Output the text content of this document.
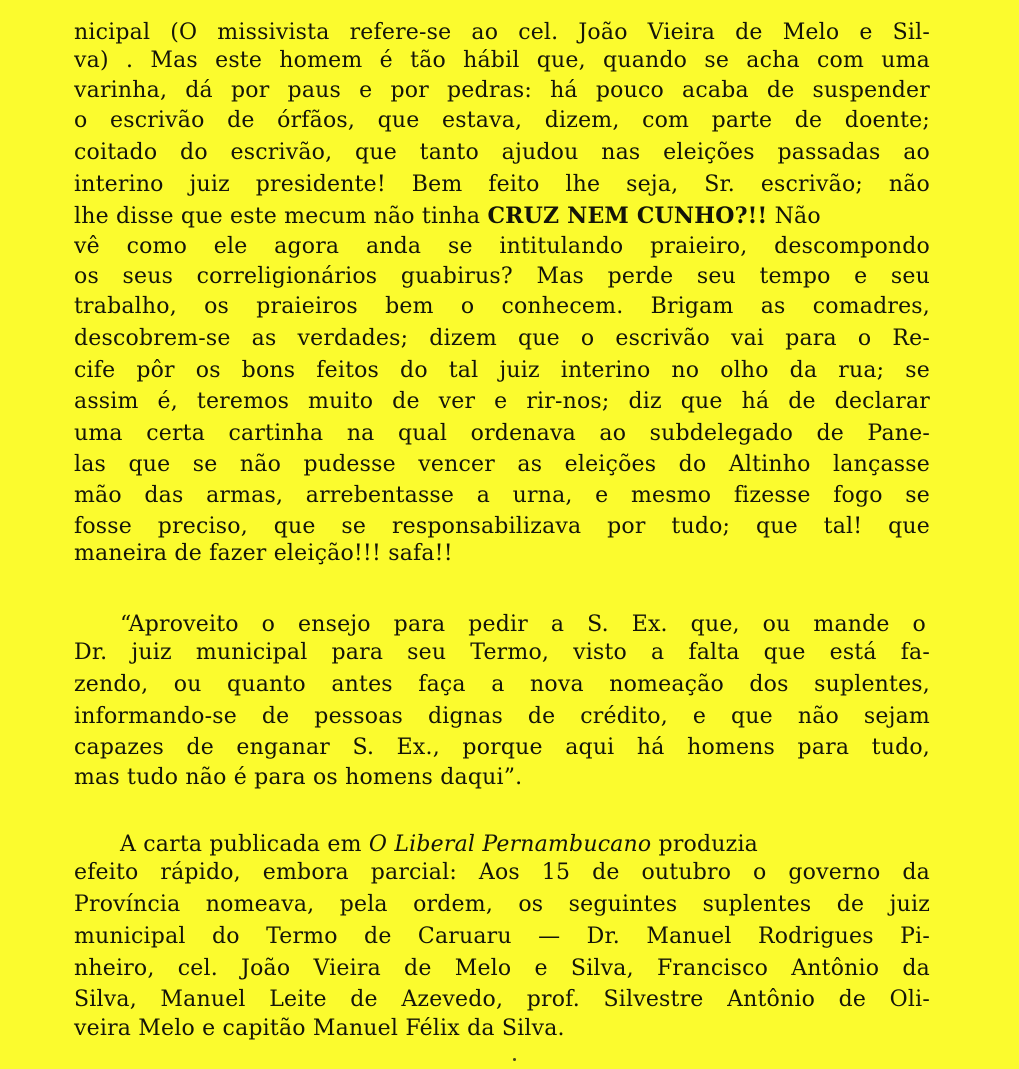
nicipal (O missivista refere-se ao cel. João Vieira de Melo e Sil-
va) . Mas este homem é tão hábil que, quando se acha com uma
varinha, dá por paus e por pedras: há pouco acaba de suspender
o escrivão de órfãos, que estava, dizem, com parte de doente;
coitado do escrivão, que tanto ajudou nas eleições passadas ao
interino juiz presidente! Bem feito lhe seja, Sr. escrivão; não
lhe disse que este mecum não tinha CRUZ NEM CUNHO?!! Não
vê como ele agora anda se intitulando praieiro, descompondo
os seus correligionários guabirus? Mas perde seu tempo e seu
trabalho, os praieiros bem o conhecem. Brigam as comadres,
descobrem-se as verdades; dizem que o escrivão vai para o Re-
cife pôr os bons feitos do tal juiz interino no olho da rua; se
assim é, teremos muito de ver e rir-nos; diz que há de declarar
uma certa cartinha na qual ordenava ao subdelegado de Pane-
las que se não pudesse vencer as eleições do Altinho lançasse
mão das armas, arrebentasse a urna, e mesmo fizesse fogo se
fosse preciso, que se responsabilizava por tudo; que tal! que
maneira de fazer eleição!!! safa!!
“Aproveito o ensejo para pedir a S. Ex. que, ou mande o
Dr. juiz municipal para seu Termo, visto a falta que está fa-
zendo, ou quanto antes faça a nova nomeação dos suplentes,
informando-se de pessoas dignas de crédito, e que não sejam
capazes de enganar S. Ex., porque aqui há homens para tudo,
mas tudo não é para os homens daqui”.
A carta publicada em O Liberal Pernambucano produzia
efeito rápido, embora parcial: Aos 15 de outubro o governo da
Província nomeava, pela ordem, os seguintes suplentes de juiz
municipal do Termo de Caruaru — Dr. Manuel Rodrigues Pi-
nheiro, cel. João Vieira de Melo e Silva, Francisco Antônio da
Silva, Manuel Leite de Azevedo, prof. Silvestre Antônio de Oli-
veira Melo e capitão Manuel Félix da Silva.
